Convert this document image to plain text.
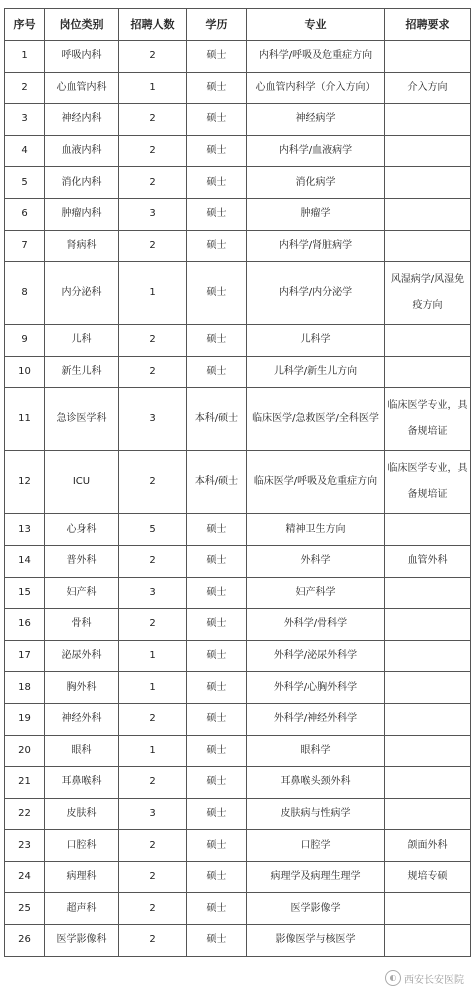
序号	岗位类别	招聘人数	学历	专业	招聘要求
1	呼吸内科	2	硕士	内科学/呼吸及危重症方向	
2	心血管内科	1	硕士	心血管内科学（介入方向）	介入方向
3	神经内科	2	硕士	神经病学	
4	血液内科	2	硕士	内科学/血液病学	
5	消化内科	2	硕士	消化病学	
6	肿瘤内科	3	硕士	肿瘤学	
7	肾病科	2	硕士	内科学/肾脏病学	
8	内分泌科	1	硕士	内科学/内分泌学	风湿病学/风湿免疫方向
9	儿科	2	硕士	儿科学	
10	新生儿科	2	硕士	儿科学/新生儿方向	
11	急诊医学科	3	本科/硕士	临床医学/急救医学/全科医学	临床医学专业，具备规培证
12	ICU	2	本科/硕士	临床医学/呼吸及危重症方向	临床医学专业，具备规培证
13	心身科	5	硕士	精神卫生方向	
14	普外科	2	硕士	外科学	血管外科
15	妇产科	3	硕士	妇产科学	
16	骨科	2	硕士	外科学/骨科学	
17	泌尿外科	1	硕士	外科学/泌尿外科学	
18	胸外科	1	硕士	外科学/心胸外科学	
19	神经外科	2	硕士	外科学/神经外科学	
20	眼科	1	硕士	眼科学	
21	耳鼻喉科	2	硕士	耳鼻喉头颈外科	
22	皮肤科	3	硕士	皮肤病与性病学	
23	口腔科	2	硕士	口腔学	颌面外科
24	病理科	2	硕士	病理学及病理生理学	规培专硕
25	超声科	2	硕士	医学影像学	
26	医学影像科	2	硕士	影像医学与核医学	
◐ 西安长安医院
